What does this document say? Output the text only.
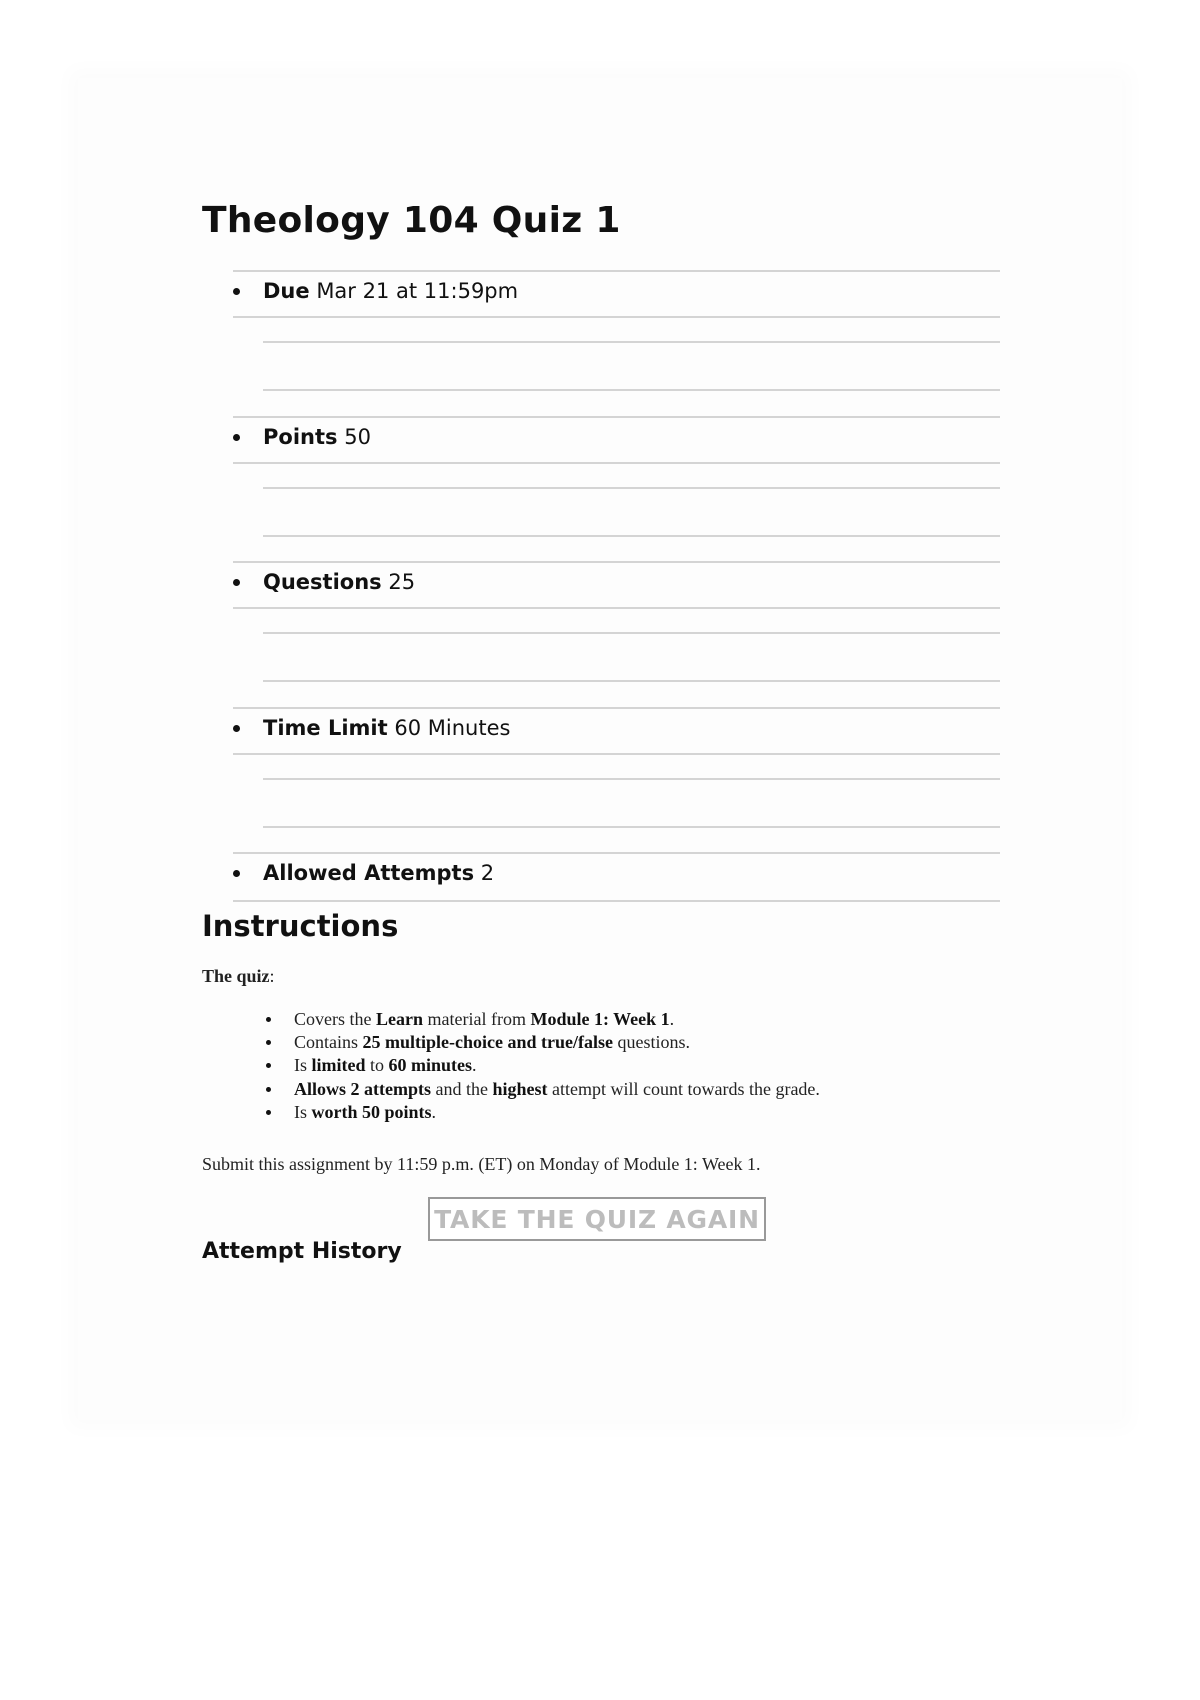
Theology 104 Quiz 1
Due Mar 21 at 11:59pm
Points 50
Questions 25
Time Limit 60 Minutes
Allowed Attempts 2
Instructions
The quiz:
Covers the Learn material from Module 1: Week 1.
Contains 25 multiple-choice and true/false questions.
Is limited to 60 minutes.
Allows 2 attempts and the highest attempt will count towards the grade.
Is worth 50 points.
Submit this assignment by 11:59 p.m. (ET) on Monday of Module 1: Week 1.
TAKE THE QUIZ AGAIN
Attempt History
